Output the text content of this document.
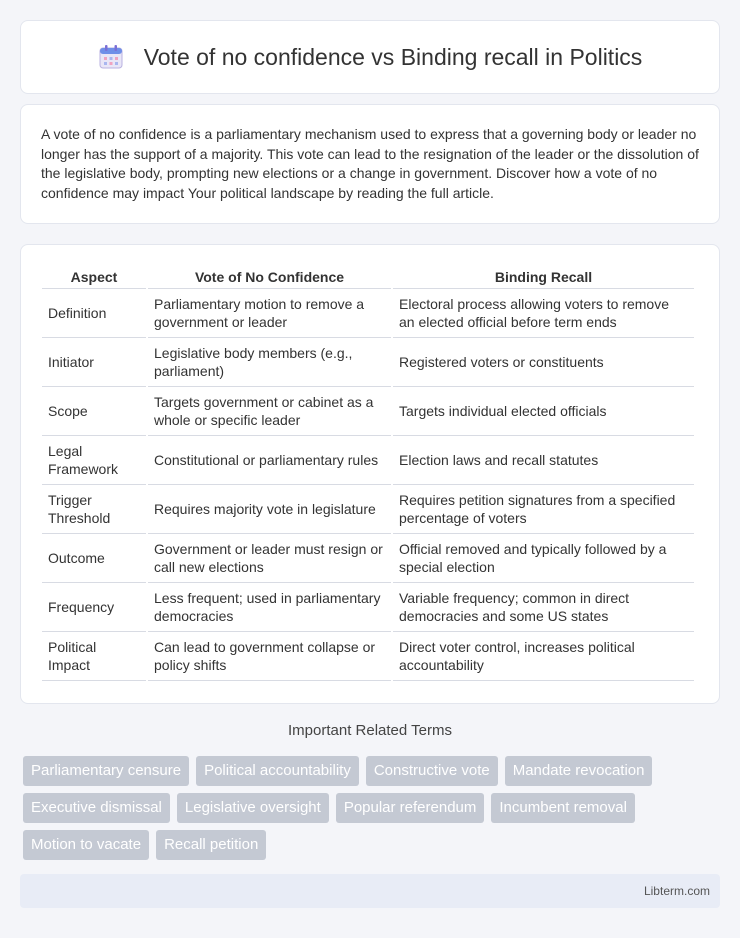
Vote of no confidence vs Binding recall in Politics

A vote of no confidence is a parliamentary mechanism used to express that a governing body or leader no longer has the support of a majority. This vote can lead to the resignation of the leader or the dissolution of the legislative body, prompting new elections or a change in government. Discover how a vote of no confidence may impact Your political landscape by reading the full article.

Aspect	Vote of No Confidence	Binding Recall
Definition	Parliamentary motion to remove a government or leader	Electoral process allowing voters to remove an elected official before term ends
Initiator	Legislative body members (e.g., parliament)	Registered voters or constituents
Scope	Targets government or cabinet as a whole or specific leader	Targets individual elected officials
Legal Framework	Constitutional or parliamentary rules	Election laws and recall statutes
Trigger Threshold	Requires majority vote in legislature	Requires petition signatures from a specified percentage of voters
Outcome	Government or leader must resign or call new elections	Official removed and typically followed by a special election
Frequency	Less frequent; used in parliamentary democracies	Variable frequency; common in direct democracies and some US states
Political Impact	Can lead to government collapse or policy shifts	Direct voter control, increases political accountability
Important Related Terms
Parliamentary censure	Political accountability	Constructive vote	Mandate revocation
Executive dismissal	Legislative oversight	Popular referendum	Incumbent removal
Motion to vacate	Recall petition
Libterm.com
